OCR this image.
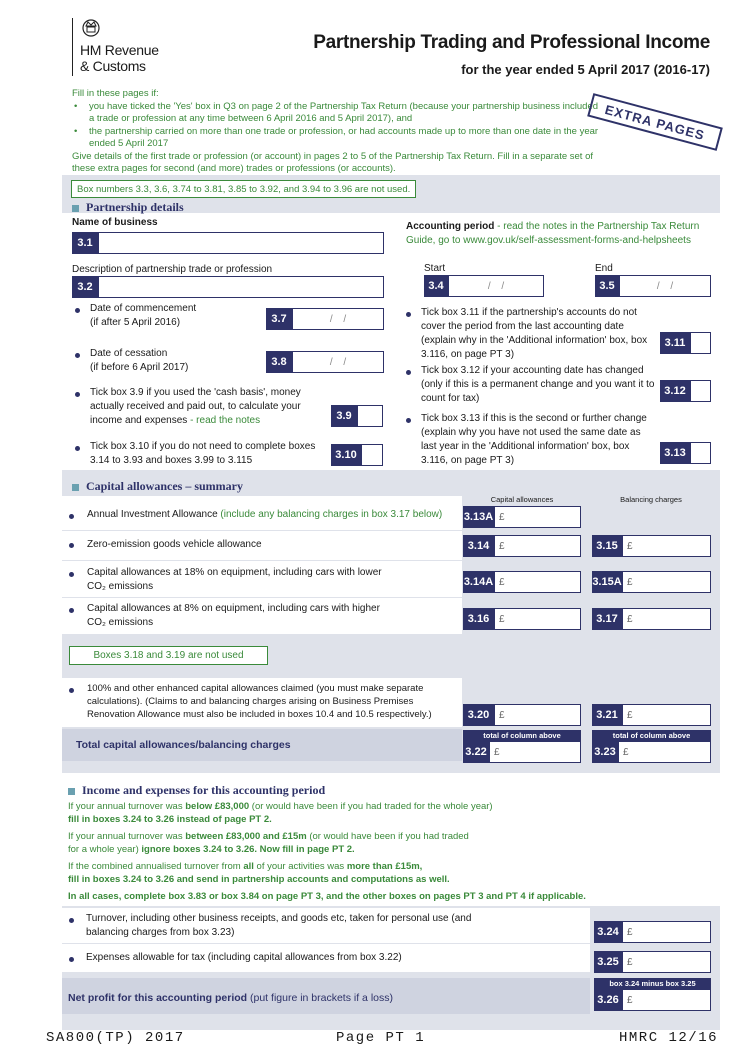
HM Revenue
& Customs
Partnership Trading and Professional Income
for the year ended 5 April 2017 (2016-17)
Fill in these pages if:
• you have ticked the 'Yes' box in Q3 on page 2 of the Partnership Tax Return (because your partnership business included a trade or profession at any time between 6 April 2016 and 5 April 2017), and
• the partnership carried on more than one trade or profession, or had accounts made up to more than one date in the year ended 5 April 2017
Give details of the first trade or profession (or account) in pages 2 to 5 of the Partnership Tax Return. Fill in a separate set of these extra pages for second (and more) trades or professions (or accounts).
EXTRA PAGES
Box numbers 3.3, 3.6, 3.74 to 3.81, 3.85 to 3.92, and 3.94 to 3.96 are not used.
Partnership details
Name of business
3.1
Description of partnership trade or profession
3.2
Accounting period - read the notes in the Partnership Tax Return Guide, go to www.gov.uk/self-assessment-forms-and-helpsheets
Start
3.4	/ /
End
3.5	/ /
Date of commencement
(if after 5 April 2016)	3.7	/ /
Date of cessation
(if before 6 April 2017)	3.8	/ /
Tick box 3.9 if you used the 'cash basis', money actually received and paid out, to calculate your income and expenses - read the notes	3.9
Tick box 3.10 if you do not need to complete boxes 3.14 to 3.93 and boxes 3.99 to 3.115	3.10
Tick box 3.11 if the partnership's accounts do not cover the period from the last accounting date (explain why in the 'Additional information' box, box 3.116, on page PT 3)
3.11
Tick box 3.12 if your accounting date has changed (only if this is a permanent change and you want it to count for tax)
3.12
Tick box 3.13 if this is the second or further change (explain why you have not used the same date as last year in the 'Additional information' box, box 3.116, on page PT 3)
3.13
Capital allowances – summary
Capital allowances	Balancing charges
Annual Investment Allowance (include any balancing charges in box 3.17 below) 3.13A £
Zero-emission goods vehicle allowance	3.14 £	3.15 £
Capital allowances at 18% on equipment, including cars with lower
CO₂ emissions	3.14A £	3.15A £
Capital allowances at 8% on equipment, including cars with higher
CO₂ emissions	3.16 £	3.17 £
Boxes 3.18 and 3.19 are not used
100% and other enhanced capital allowances claimed (you must make separate calculations). (Claims to and balancing charges arising on Business Premises Renovation Allowance must also be included in boxes 10.4 and 10.5 respectively.)	3.20 £	3.21 £
Total capital allowances/balancing charges
total of column above
3.22 £
total of column above
3.23 £
Income and expenses for this accounting period
If your annual turnover was below £83,000 (or would have been if you had traded for the whole year)
fill in boxes 3.24 to 3.26 instead of page PT 2.
If your annual turnover was between £83,000 and £15m (or would have been if you had traded
for a whole year) ignore boxes 3.24 to 3.26. Now fill in page PT 2.
If the combined annualised turnover from all of your activities was more than £15m,
fill in boxes 3.24 to 3.26 and send in partnership accounts and computations as well.
In all cases, complete box 3.83 or box 3.84 on page PT 3, and the other boxes on pages PT 3 and PT 4 if applicable.
Turnover, including other business receipts, and goods etc, taken for personal use (and balancing charges from box 3.23)	3.24 £
Expenses allowable for tax (including capital allowances from box 3.22)	3.25 £
Net profit for this accounting period (put figure in brackets if a loss)
box 3.24 minus box 3.25
3.26 £
SA800(TP) 2017	Page PT 1	HMRC 12/16
